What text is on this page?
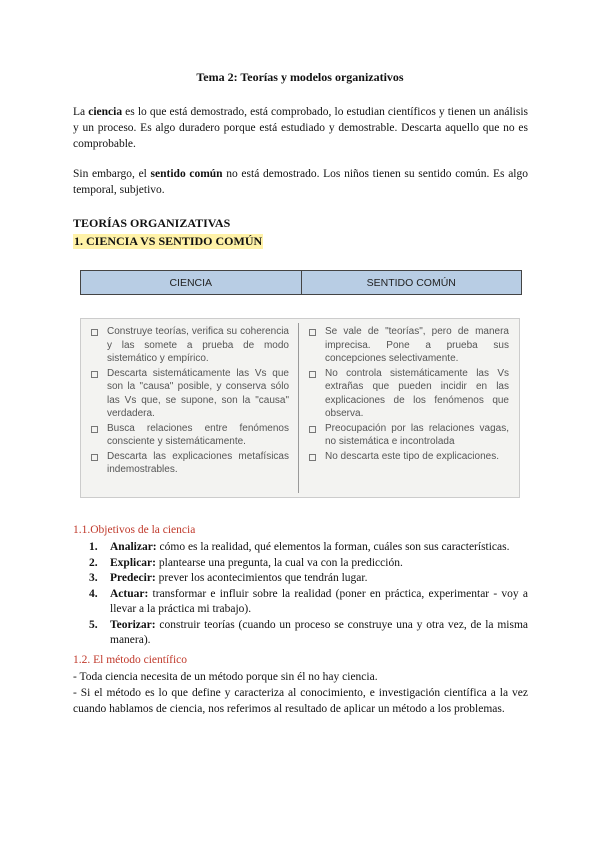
Tema 2: Teorías y modelos organizativos
La ciencia es lo que está demostrado, está comprobado, lo estudian científicos y tienen un análisis y un proceso. Es algo duradero porque está estudiado y demostrable. Descarta aquello que no es comprobable.
Sin embargo, el sentido común no está demostrado. Los niños tienen su sentido común. Es algo temporal, subjetivo.
TEORÍAS ORGANIZATIVAS
1. CIENCIA VS SENTIDO COMÚN
CIENCIA	SENTIDO COMÚN
Construye teorías, verifica su coherencia y las somete a prueba de modo sistemático y empírico.
Descarta sistemáticamente las Vs que son la "causa" posible, y conserva sólo las Vs que, se supone, son la "causa" verdadera.
Busca relaciones entre fenómenos consciente y sistemáticamente.
Descarta las explicaciones metafísicas indemostrables.
Se vale de "teorías", pero de manera imprecisa. Pone a prueba sus concepciones selectivamente.
No controla sistemáticamente las Vs extrañas que pueden incidir en las explicaciones de los fenómenos que observa.
Preocupación por las relaciones vagas, no sistemática e incontrolada
No descarta este tipo de explicaciones.
1.1.Objetivos de la ciencia
1. Analizar: cómo es la realidad, qué elementos la forman, cuáles son sus características.
2. Explicar: plantearse una pregunta, la cual va con la predicción.
3. Predecir: prever los acontecimientos que tendrán lugar.
4. Actuar: transformar e influir sobre la realidad (poner en práctica, experimentar - voy a llevar a la práctica mi trabajo).
5. Teorizar: construir teorías (cuando un proceso se construye una y otra vez, de la misma manera).
1.2. El método científico
- Toda ciencia necesita de un método porque sin él no hay ciencia.
- Si el método es lo que define y caracteriza al conocimiento, e investigación científica a la vez cuando hablamos de ciencia, nos referimos al resultado de aplicar un método a los problemas.
